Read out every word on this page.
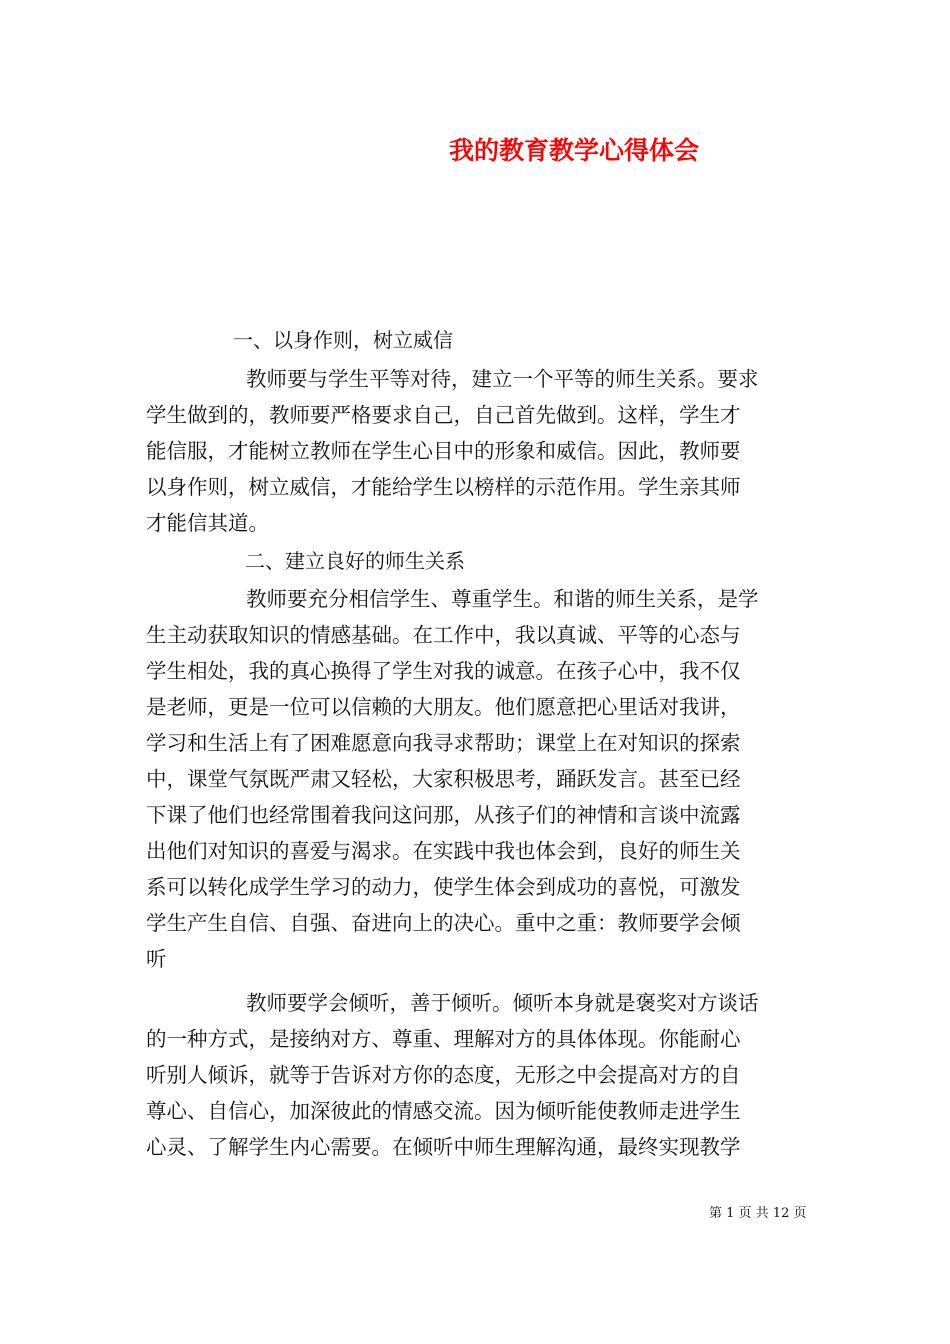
我的教育教学心得体会
一、以身作则，树立威信
教师要与学生平等对待，建立一个平等的师生关系。要求
学生做到的，教师要严格要求自己，自己首先做到。这样，学生才
能信服，才能树立教师在学生心目中的形象和威信。因此，教师要
以身作则，树立威信，才能给学生以榜样的示范作用。学生亲其师
才能信其道。
二、建立良好的师生关系
教师要充分相信学生、尊重学生。和谐的师生关系，是学
生主动获取知识的情感基础。在工作中，我以真诚、平等的心态与
学生相处，我的真心换得了学生对我的诚意。在孩子心中，我不仅
是老师，更是一位可以信赖的大朋友。他们愿意把心里话对我讲，
学习和生活上有了困难愿意向我寻求帮助；课堂上在对知识的探索
中，课堂气氛既严肃又轻松，大家积极思考，踊跃发言。甚至已经
下课了他们也经常围着我问这问那，从孩子们的神情和言谈中流露
出他们对知识的喜爱与渴求。在实践中我也体会到，良好的师生关
系可以转化成学生学习的动力，使学生体会到成功的喜悦，可激发
学生产生自信、自强、奋进向上的决心。重中之重：教师要学会倾
听
教师要学会倾听，善于倾听。倾听本身就是褒奖对方谈话
的一种方式，是接纳对方、尊重、理解对方的具体体现。你能耐心
听别人倾诉，就等于告诉对方你的态度，无形之中会提高对方的自
尊心、自信心，加深彼此的情感交流。因为倾听能使教师走进学生
心灵、了解学生内心需要。在倾听中师生理解沟通，最终实现教学
第 1 页 共 12 页
